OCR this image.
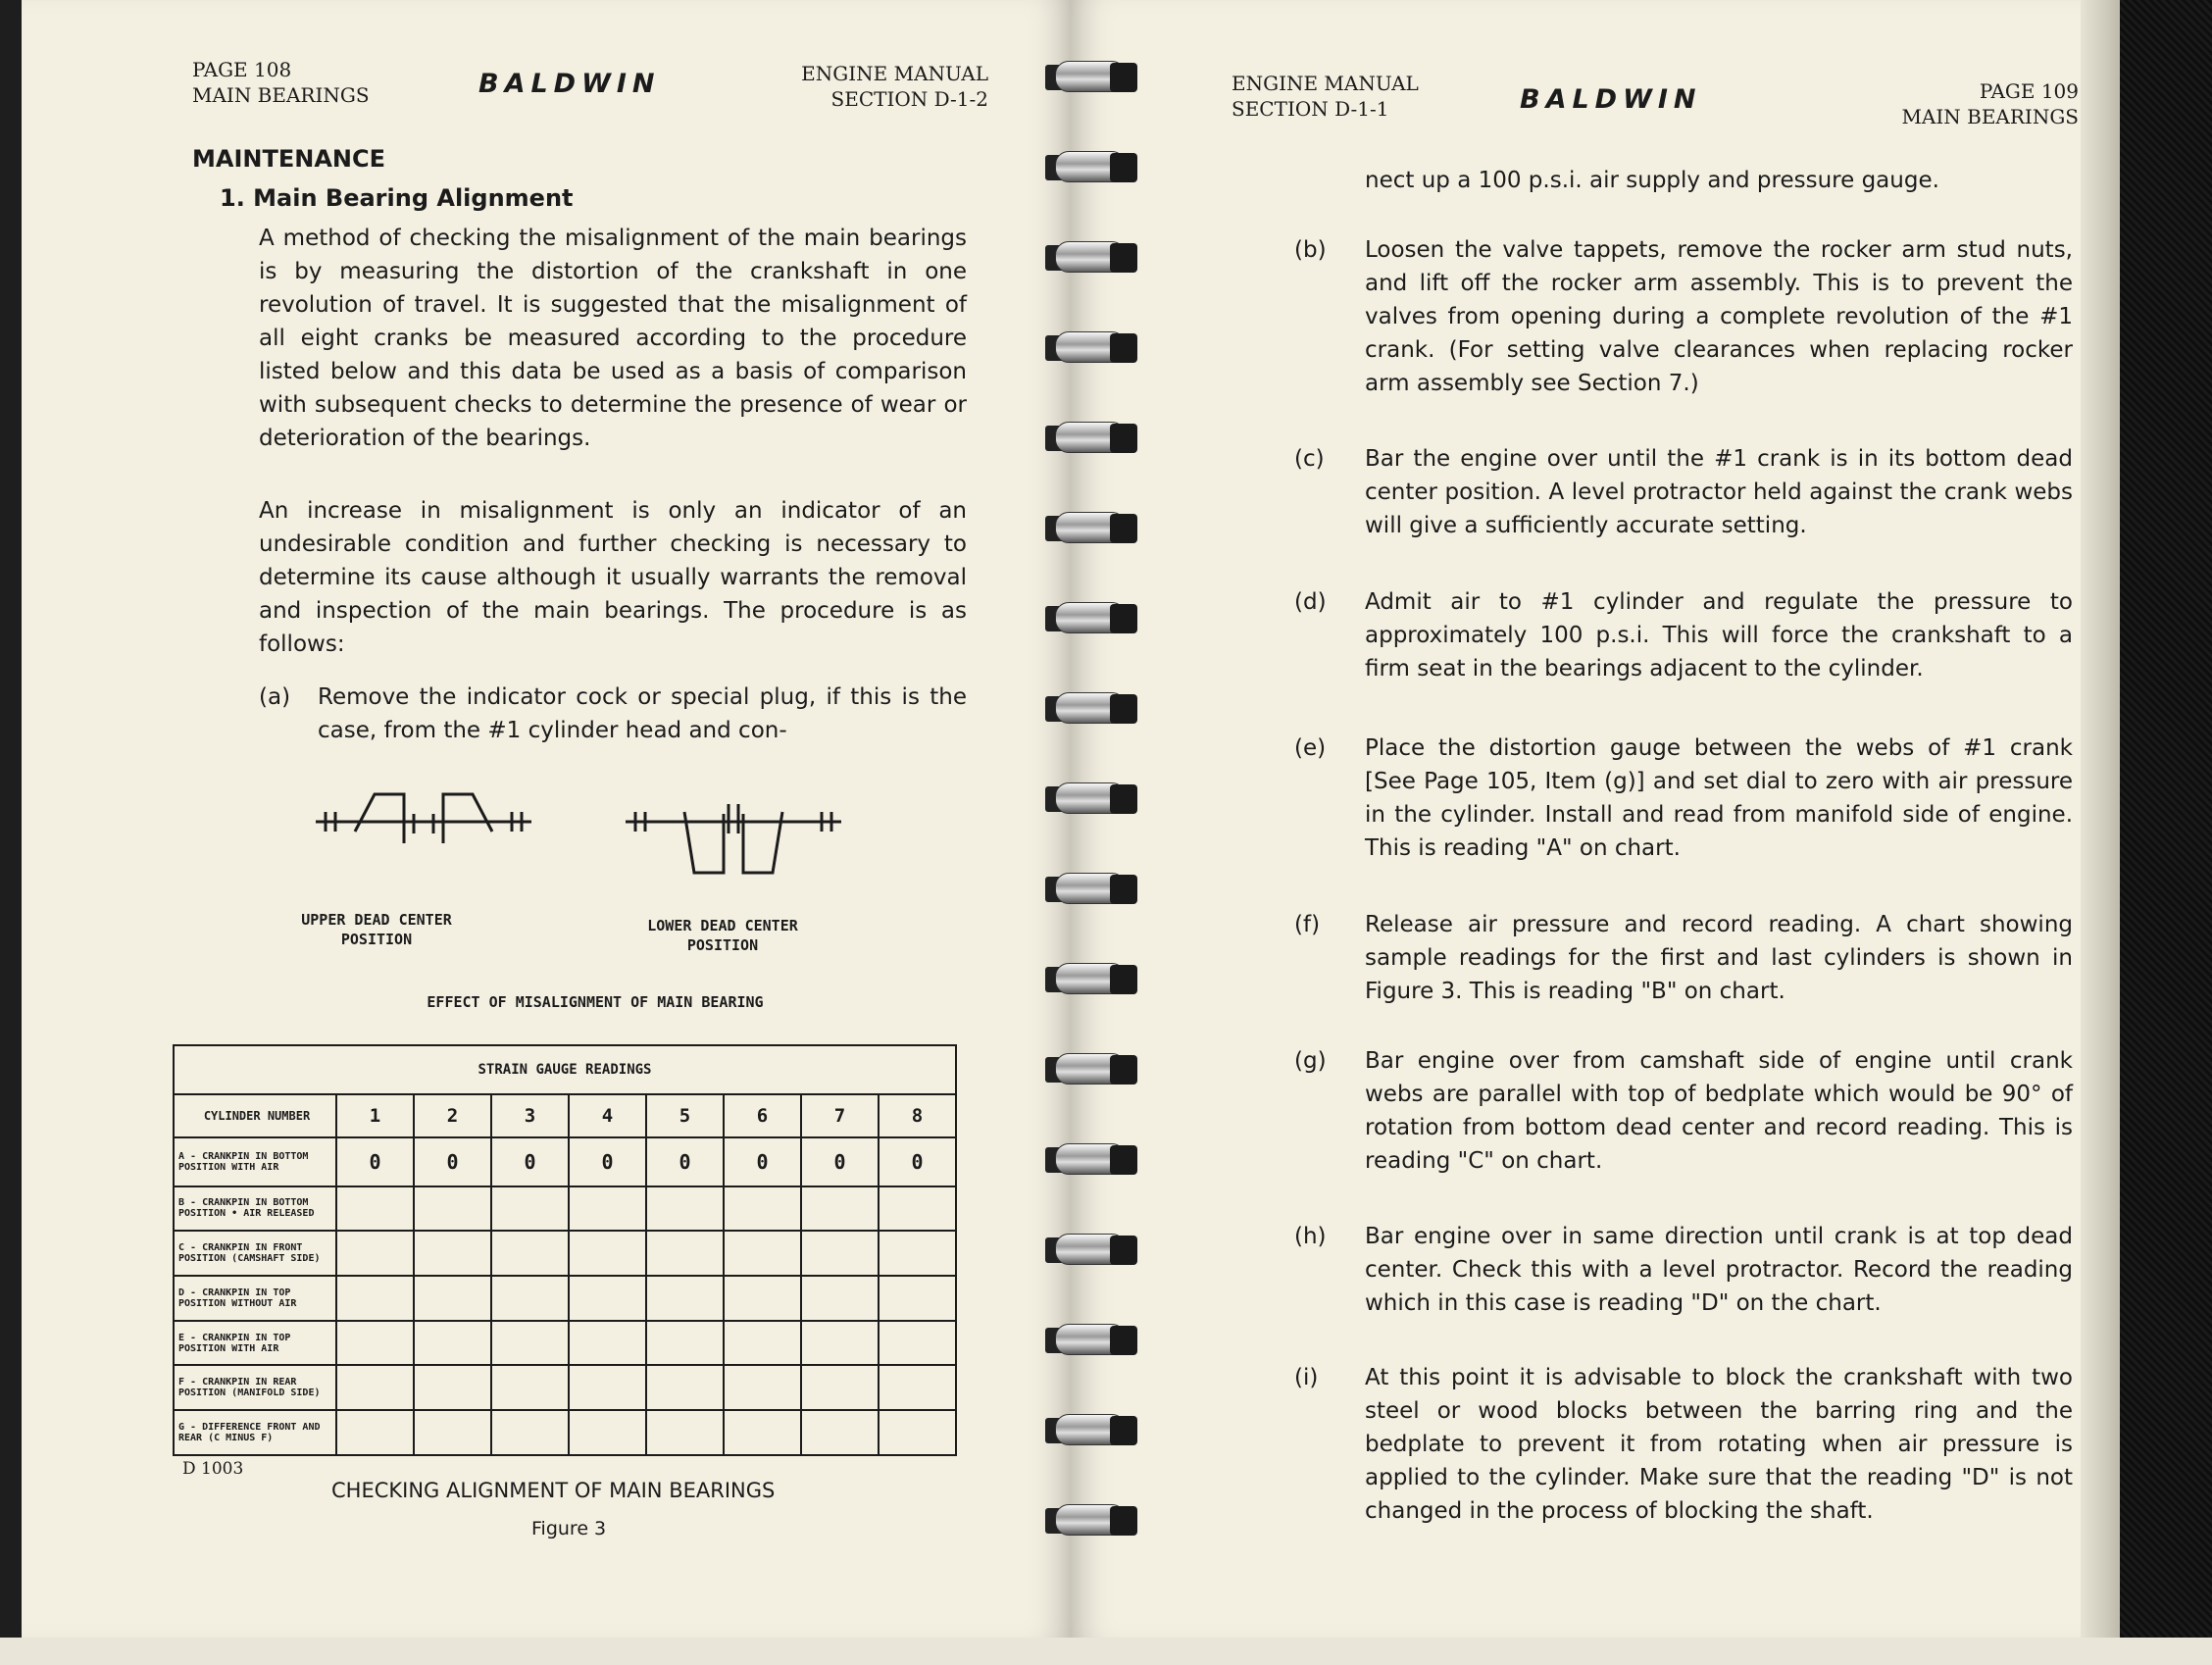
PAGE 108
MAIN BEARINGS	BALDWIN	ENGINE MANUAL
SECTION D-1-2
MAINTENANCE
1. Main Bearing Alignment
A method of checking the misalignment of the main bearings is by measuring the distortion of the crankshaft in one revolution of travel. It is suggested that the misalignment of all eight cranks be measured according to the procedure listed below and this data be used as a basis of comparison with subsequent checks to determine the presence of wear or deterioration of the bearings.
An increase in misalignment is only an indicator of an undesirable condition and further checking is necessary to determine its cause although it usually warrants the removal and inspection of the main bearings. The procedure is as follows:
(a)	Remove the indicator cock or special plug, if this is the case, from the #1 cylinder head and con-
UPPER DEAD CENTER POSITION
LOWER DEAD CENTER POSITION
EFFECT OF MISALIGNMENT OF MAIN BEARING
STRAIN GAUGE READINGS								
CYLINDER NUMBER	1	2	3	4	5	6	7	8
A - CRANKPIN IN BOTTOM POSITION WITH AIR	0	0	0	0	0	0	0	0
B - CRANKPIN IN BOTTOM POSITION • AIR RELEASED								
C - CRANKPIN IN FRONT POSITION (CAMSHAFT SIDE)								
D - CRANKPIN IN TOP POSITION WITHOUT AIR								
E - CRANKPIN IN TOP POSITION WITH AIR								
F - CRANKPIN IN REAR POSITION (MANIFOLD SIDE)								
G - DIFFERENCE FRONT AND REAR (C MINUS F)								
D 1003
CHECKING ALIGNMENT OF MAIN BEARINGS
Figure 3
ENGINE MANUAL
SECTION D-1-1	BALDWIN	PAGE 109
MAIN BEARINGS
nect up a 100 p.s.i. air supply and pressure gauge.
(b)	Loosen the valve tappets, remove the rocker arm stud nuts, and lift off the rocker arm assembly. This is to prevent the valves from opening during a complete revolution of the #1 crank. (For setting valve clearances when replacing rocker arm assembly see Section 7.)
(c)	Bar the engine over until the #1 crank is in its bottom dead center position. A level protractor held against the crank webs will give a sufficiently accurate setting.
(d)	Admit air to #1 cylinder and regulate the pressure to approximately 100 p.s.i. This will force the crankshaft to a firm seat in the bearings adjacent to the cylinder.
(e)	Place the distortion gauge between the webs of #1 crank [See Page 105, Item (g)] and set dial to zero with air pressure in the cylinder. Install and read from manifold side of engine. This is reading "A" on chart.
(f)	Release air pressure and record reading. A chart showing sample readings for the first and last cylinders is shown in Figure 3. This is reading "B" on chart.
(g)	Bar engine over from camshaft side of engine until crank webs are parallel with top of bedplate which would be 90° of rotation from bottom dead center and record reading. This is reading "C" on chart.
(h)	Bar engine over in same direction until crank is at top dead center. Check this with a level protractor. Record the reading which in this case is reading "D" on the chart.
(i)	At this point it is advisable to block the crankshaft with two steel or wood blocks between the barring ring and the bedplate to prevent it from rotating when air pressure is applied to the cylinder. Make sure that the reading "D" is not changed in the process of blocking the shaft.
